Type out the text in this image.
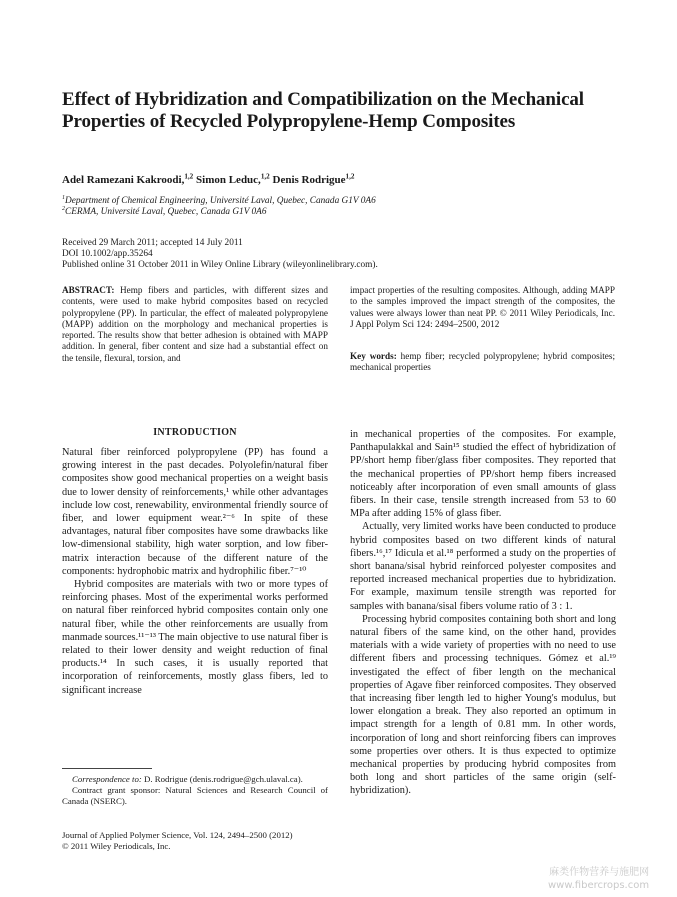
Effect of Hybridization and Compatibilization on the Mechanical Properties of Recycled Polypropylene-Hemp Composites
Adel Ramezani Kakroodi,$^{1,2}$ Simon Leduc,$^{1,2}$ Denis Rodrigue$^{1,2}$
$^1$Department of Chemical Engineering, Université Laval, Quebec, Canada G1V 0A6
$^2$CERMA, Université Laval, Quebec, Canada G1V 0A6
Received 29 March 2011; accepted 14 July 2011
DOI 10.1002/app.35264
Published online 31 October 2011 in Wiley Online Library (wileyonlinelibrary.com).
ABSTRACT: Hemp fibers and particles, with different sizes and contents, were used to make hybrid composites based on recycled polypropylene (PP). In particular, the effect of maleated polypropylene (MAPP) addition on the morphology and mechanical properties is reported. The results show that better adhesion is obtained with MAPP addition. In general, fiber content and size had a substantial effect on the tensile, flexural, torsion, and
impact properties of the resulting composites. Although, adding MAPP to the samples improved the impact strength of the composites, the values were always lower than neat PP. © 2011 Wiley Periodicals, Inc. J Appl Polym Sci 124: 2494–2500, 2012
Key words: hemp fiber; recycled polypropylene; hybrid composites; mechanical properties
INTRODUCTION

Natural fiber reinforced polypropylene (PP) has found a growing interest in the past decades. Polyolefin/natural fiber composites show good mechanical properties on a weight basis due to lower density of reinforcements,¹ while other advantages include low cost, renewability, environmental friendly source of fiber, and lower equipment wear.²⁻⁶ In spite of these advantages, natural fiber composites have some drawbacks like low-dimensional stability, high water sorption, and low fiber-matrix interaction because of the different nature of the components: hydrophobic matrix and hydrophilic fiber.⁷⁻¹⁰

Hybrid composites are materials with two or more types of reinforcing phases. Most of the experimental works performed on natural fiber reinforced hybrid composites contain only one natural fiber, while the other reinforcements are usually from manmade sources.¹¹⁻¹³ The main objective to use natural fiber is related to their lower density and weight reduction of final products.¹⁴ In such cases, it is usually reported that incorporation of reinforcements, mostly glass fibers, led to significant increase

in mechanical properties of the composites. For example, Panthapulakkal and Sain¹⁵ studied the effect of hybridization of PP/short hemp fiber/glass fiber composites. They reported that the mechanical properties of PP/short hemp fibers increased noticeably after incorporation of even small amounts of glass fibers. In their case, tensile strength increased from 53 to 60 MPa after adding 15% of glass fiber.

Actually, very limited works have been conducted to produce hybrid composites based on two different kinds of natural fibers.¹⁶,¹⁷ Idicula et al.¹⁸ performed a study on the properties of short banana/sisal hybrid reinforced polyester composites and reported increased mechanical properties due to hybridization. For example, maximum tensile strength was reported for samples with banana/sisal fibers volume ratio of 3 : 1.

Processing hybrid composites containing both short and long natural fibers of the same kind, on the other hand, provides materials with a wide variety of properties with no need to use different fibers and processing techniques. Gómez et al.¹⁹ investigated the effect of fiber length on the mechanical properties of Agave fiber reinforced composites. They observed that increasing fiber length led to higher Young's modulus, but lower elongation a break. They also reported an optimum in impact strength for a length of 0.81 mm. In other words, incorporation of long and short reinforcing fibers can improves some properties over others. It is thus expected to optimize mechanical properties by producing hybrid composites from both long and short particles of the same origin (self-hybridization).

Correspondence to: D. Rodrigue (denis.rodrigue@gch.ulaval.ca).

Contract grant sponsor: Natural Sciences and Research Council of Canada (NSERC).

Journal of Applied Polymer Science, Vol. 124, 2494–2500 (2012)
© 2011 Wiley Periodicals, Inc.
麻类作物营养与施肥网
www.fibercrops.com
